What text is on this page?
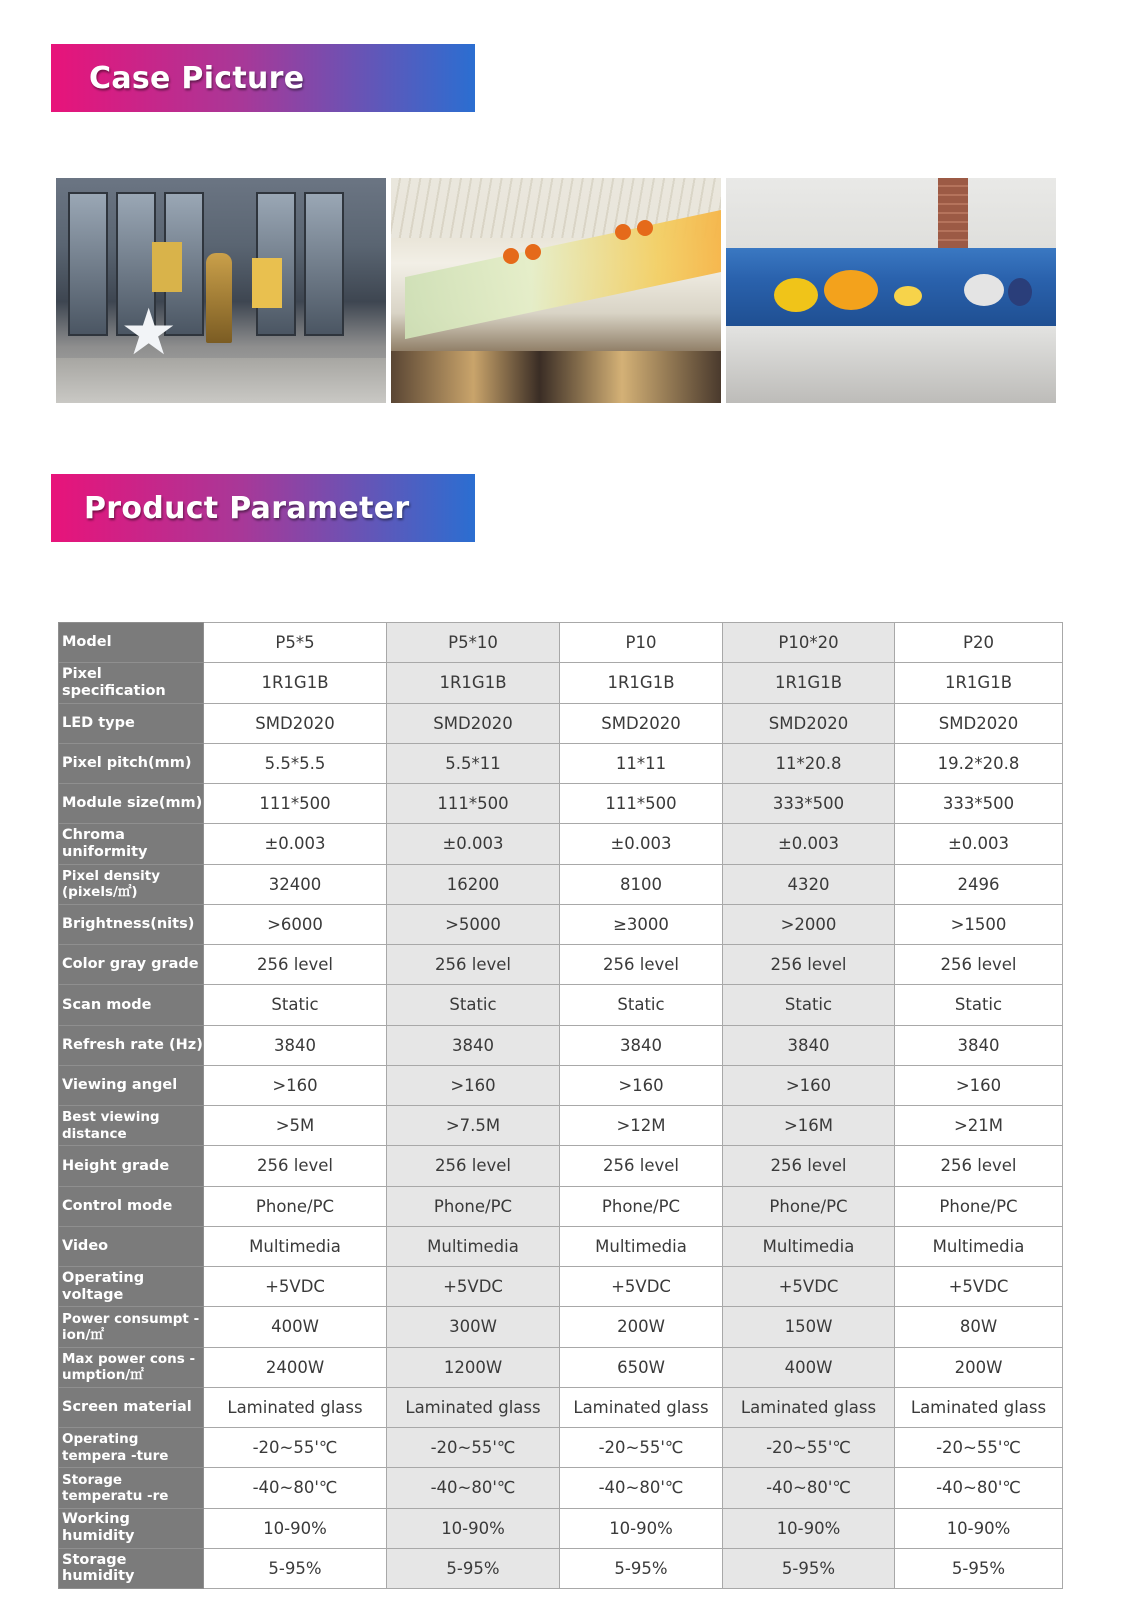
Case Picture
★
Product Parameter
Model	P5*5	P5*10	P10	P10*20	P20
Pixel specification	1R1G1B	1R1G1B	1R1G1B	1R1G1B	1R1G1B
LED type	SMD2020	SMD2020	SMD2020	SMD2020	SMD2020
Pixel pitch(mm)	5.5*5.5	5.5*11	11*11	11*20.8	19.2*20.8
Module size(mm)	111*500	111*500	111*500	333*500	333*500
Chroma uniformity	±0.003	±0.003	±0.003	±0.003	±0.003
Pixel density (pixels/㎡)	32400	16200	8100	4320	2496
Brightness(nits)	>6000	>5000	≥3000	>2000	>1500
Color gray grade	256 level	256 level	256 level	256 level	256 level
Scan mode	Static	Static	Static	Static	Static
Refresh rate (Hz)	3840	3840	3840	3840	3840
Viewing angel	>160	>160	>160	>160	>160
Best viewing distance	>5M	>7.5M	>12M	>16M	>21M
Height grade	256 level	256 level	256 level	256 level	256 level
Control mode	Phone/PC	Phone/PC	Phone/PC	Phone/PC	Phone/PC
Video	Multimedia	Multimedia	Multimedia	Multimedia	Multimedia
Operating voltage	+5VDC	+5VDC	+5VDC	+5VDC	+5VDC
Power consumpt -ion/㎡	400W	300W	200W	150W	80W
Max power cons -umption/㎡	2400W	1200W	650W	400W	200W
Screen material	Laminated glass	Laminated glass	Laminated glass	Laminated glass	Laminated glass
Operating tempera -ture	-20~55'℃	-20~55'℃	-20~55'℃	-20~55'℃	-20~55'℃
Storage temperatu -re	-40~80'℃	-40~80'℃	-40~80'℃	-40~80'℃	-40~80'℃
Working humidity	10-90%	10-90%	10-90%	10-90%	10-90%
Storage humidity	5-95%	5-95%	5-95%	5-95%	5-95%
